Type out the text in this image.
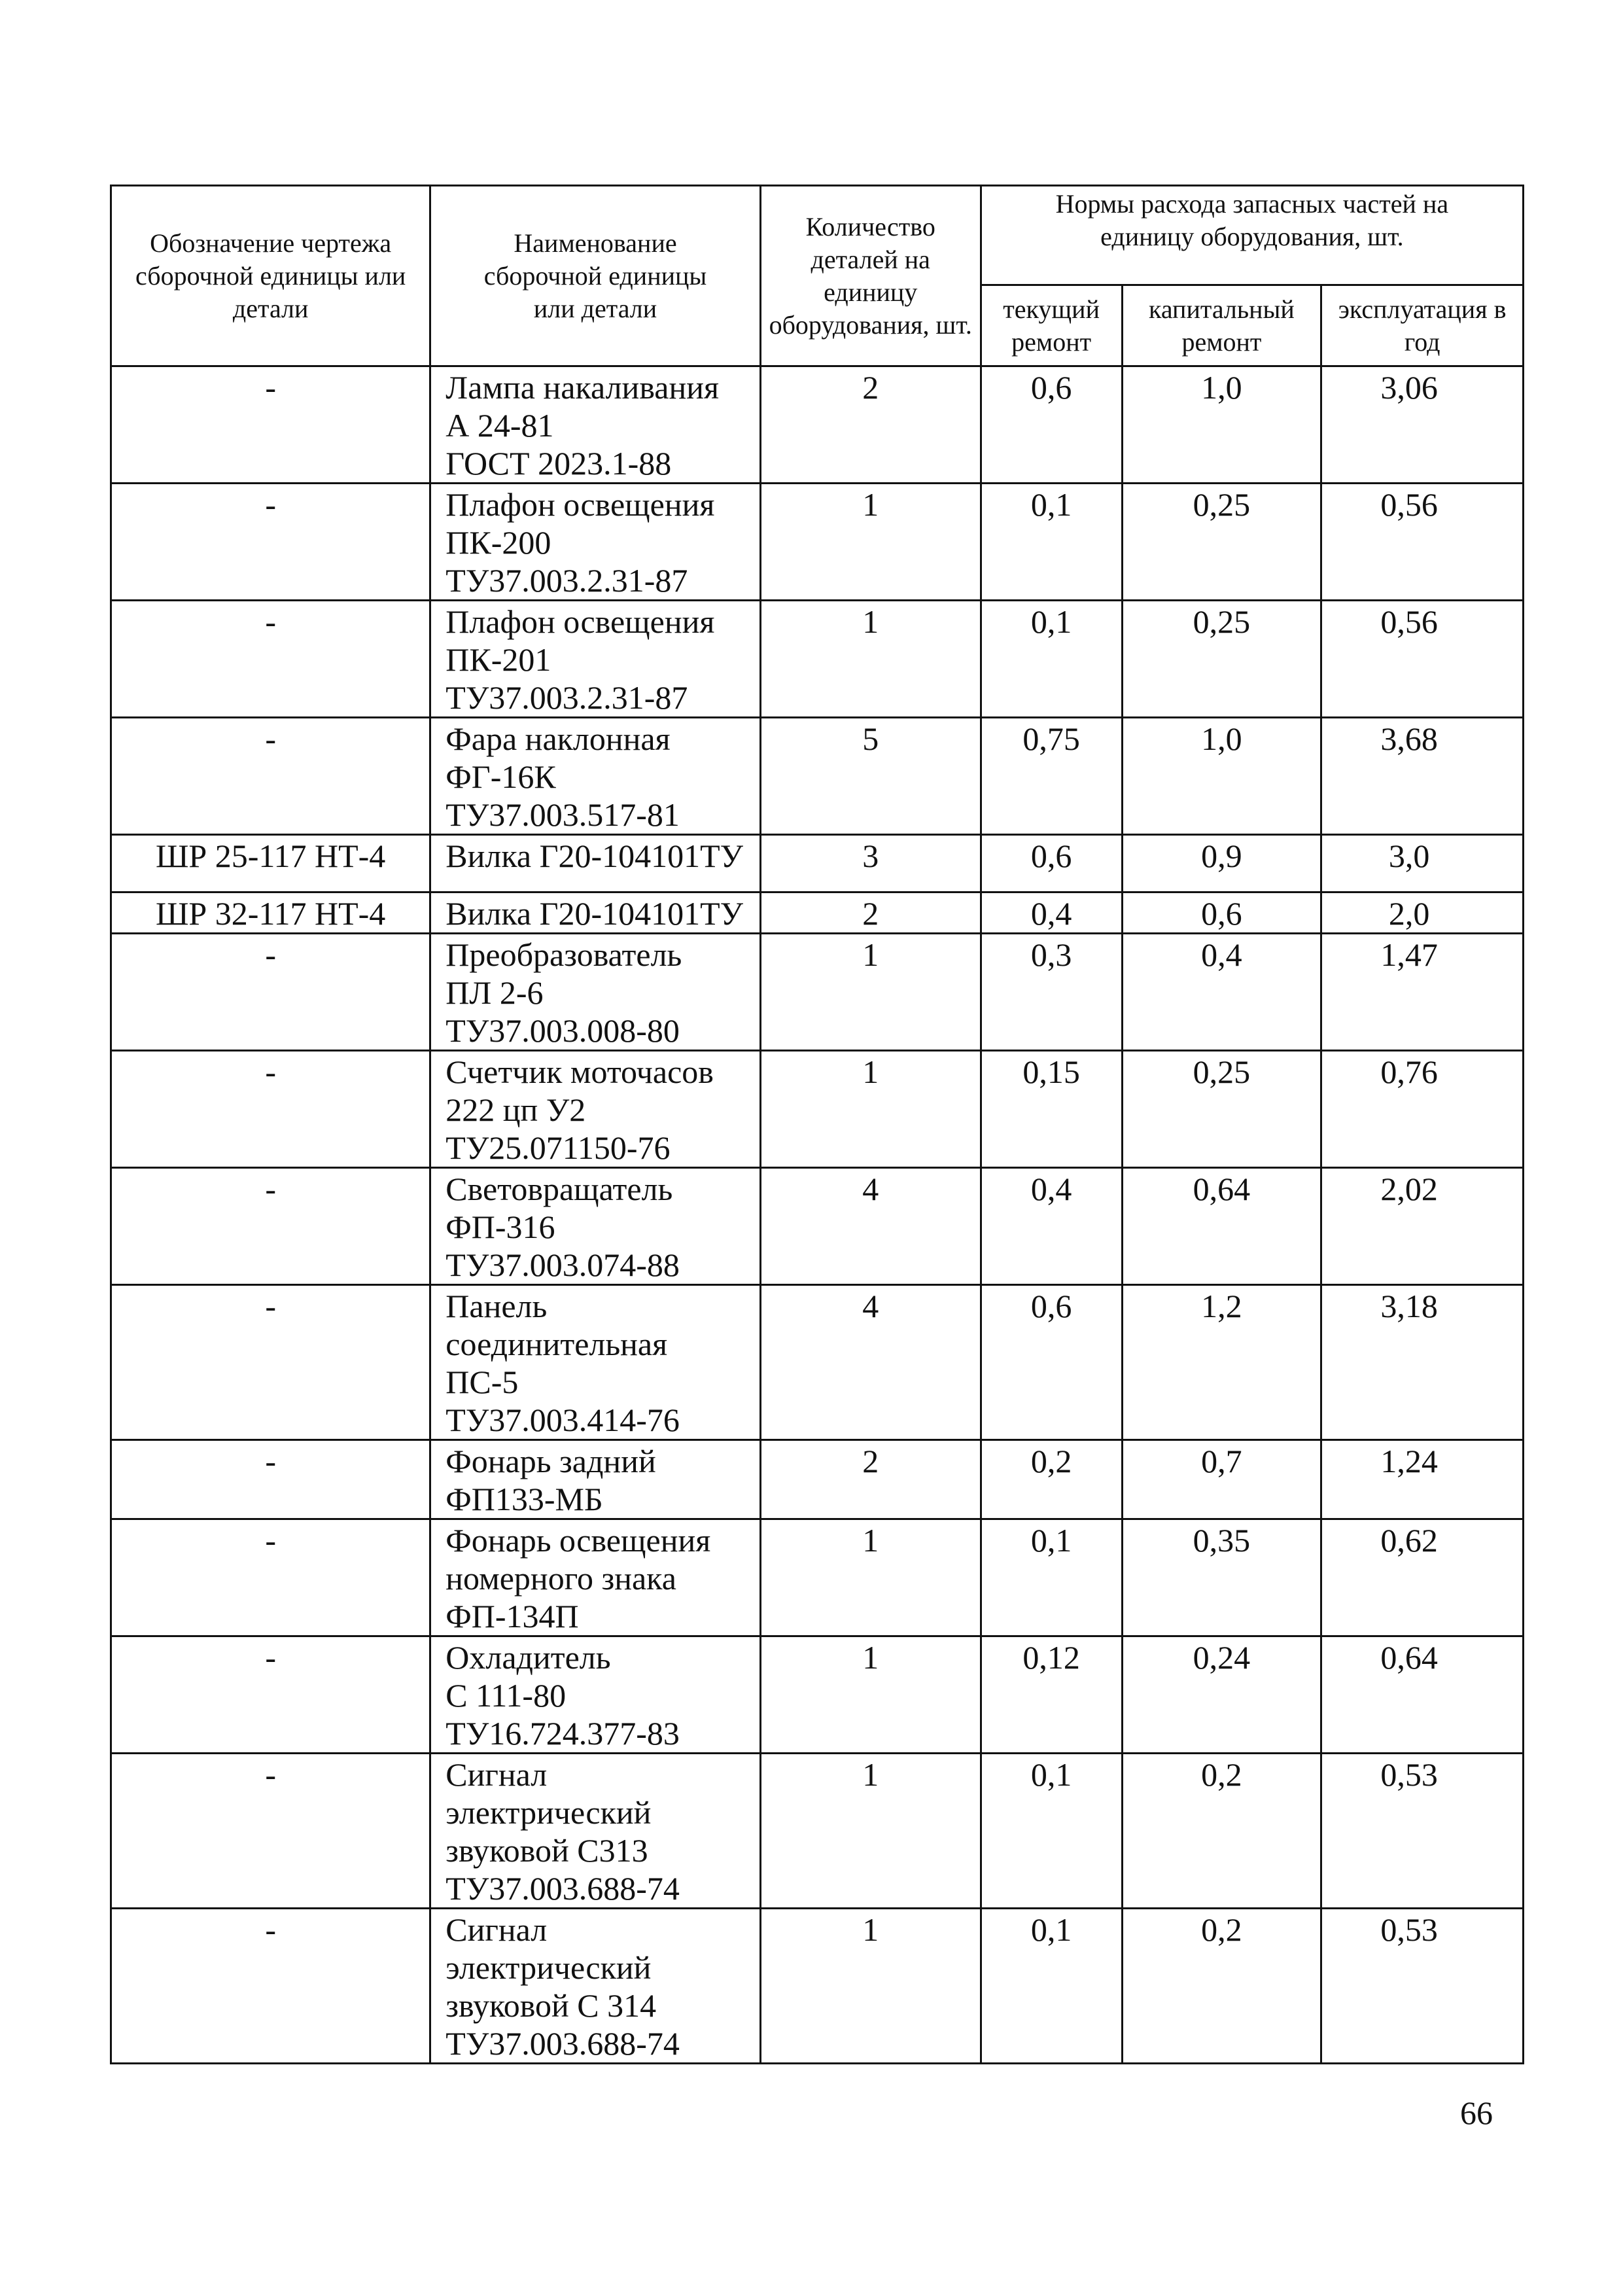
Обозначение чертежа сборочной единицы или детали	Наименование сборочной единицы или детали	Количество деталей на единицу оборудования, шт.	Нормы расхода запасных частей на единицу оборудования, шт.		

			текущий ремонт	капитальный ремонт	эксплуатация в год

-	Лампа накаливания
А 24-81
ГОСТ 2023.1-88	2	0,6	1,0	3,06
-	Плафон освещения
ПК-200
ТУ37.003.2.31-87	1	0,1	0,25	0,56
-	Плафон освещения
ПК-201
ТУ37.003.2.31-87	1	0,1	0,25	0,56
-	Фара наклонная
ФГ-16К
ТУ37.003.517-81	5	0,75	1,0	3,68
ШР 25-117 НТ-4	Вилка Г20-104101ТУ	3	0,6	0,9	3,0
ШР 32-117 НТ-4	Вилка Г20-104101ТУ	2	0,4	0,6	2,0
-	Преобразователь
ПЛ 2-6
ТУ37.003.008-80	1	0,3	0,4	1,47
-	Счетчик моточасов
222 цп У2
ТУ25.071150-76	1	0,15	0,25	0,76
-	Световращатель
ФП-316
ТУ37.003.074-88	4	0,4	0,64	2,02
-	Панель
соединительная
ПС-5
ТУ37.003.414-76	4	0,6	1,2	3,18
-	Фонарь задний
ФП133-МБ	2	0,2	0,7	1,24
-	Фонарь освещения
номерного знака
ФП-134П	1	0,1	0,35	0,62
-	Охладитель
С 111-80
ТУ16.724.377-83	1	0,12	0,24	0,64
-	Сигнал
электрический
звуковой С313
ТУ37.003.688-74	1	0,1	0,2	0,53
-	Сигнал
электрический
звуковой С 314
ТУ37.003.688-74	1	0,1	0,2	0,53
66
